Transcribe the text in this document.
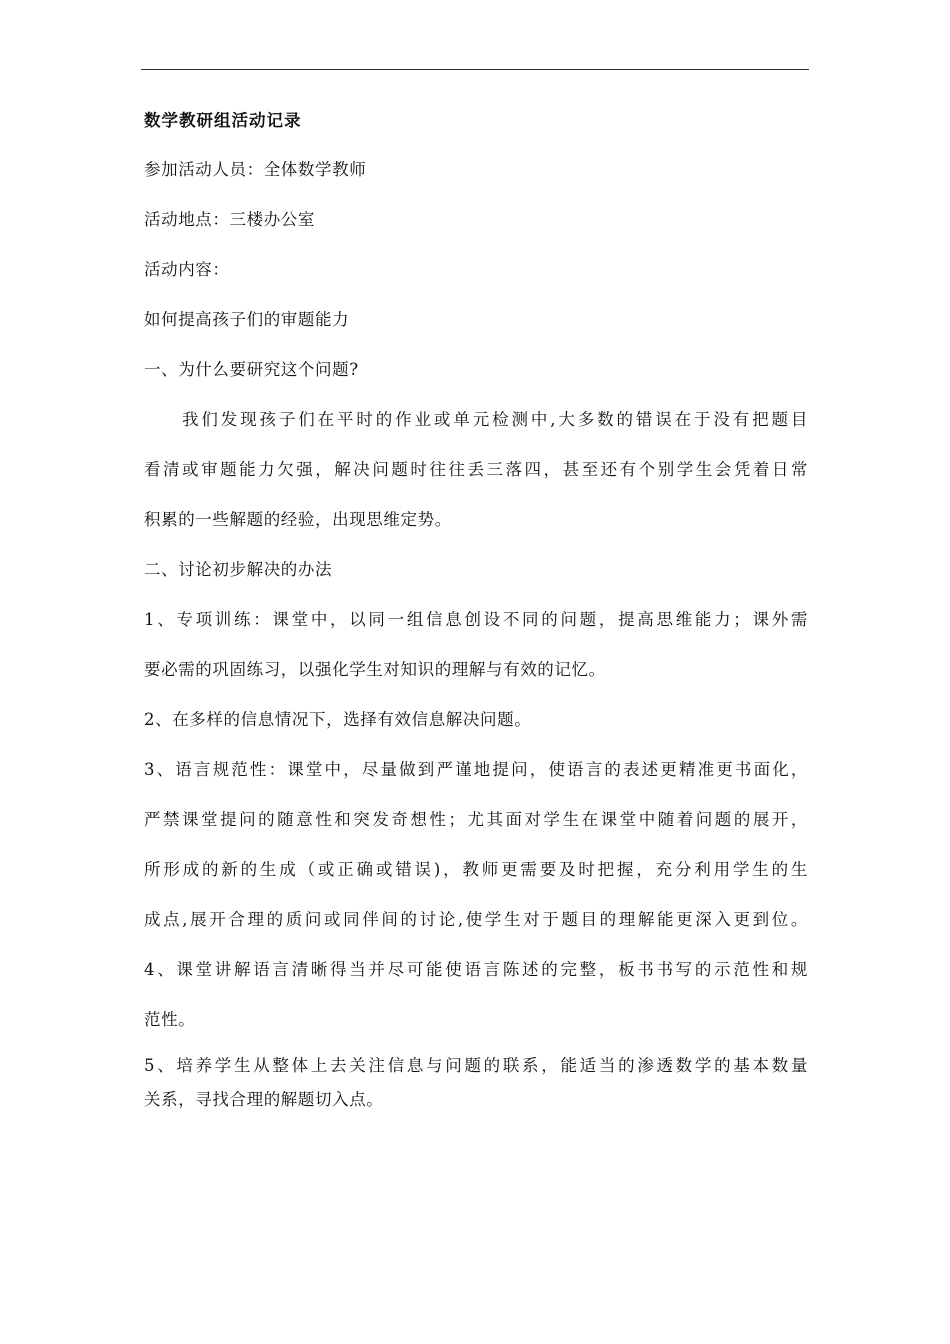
数学教研组活动记录
参加活动人员：全体数学教师
活动地点：三楼办公室
活动内容：
如何提高孩子们的审题能力
一、为什么要研究这个问题?
我们发现孩子们在平时的作业或单元检测中,大多数的错误在于没有把题目
看清或审题能力欠强，解决问题时往往丢三落四，甚至还有个别学生会凭着日常
积累的一些解题的经验，出现思维定势。
二、讨论初步解决的办法
1、专项训练：课堂中，以同一组信息创设不同的问题，提高思维能力；课外需
要必需的巩固练习，以强化学生对知识的理解与有效的记忆。
2、在多样的信息情况下，选择有效信息解决问题。
3、语言规范性：课堂中，尽量做到严谨地提问，使语言的表述更精准更书面化，
严禁课堂提问的随意性和突发奇想性；尤其面对学生在课堂中随着问题的展开，
所形成的新的生成（或正确或错误)，教师更需要及时把握，充分利用学生的生
成点,展开合理的质问或同伴间的讨论,使学生对于题目的理解能更深入更到位。
4、课堂讲解语言清晰得当并尽可能使语言陈述的完整，板书书写的示范性和规
范性。
5、培养学生从整体上去关注信息与问题的联系，能适当的渗透数学的基本数量
关系，寻找合理的解题切入点。
